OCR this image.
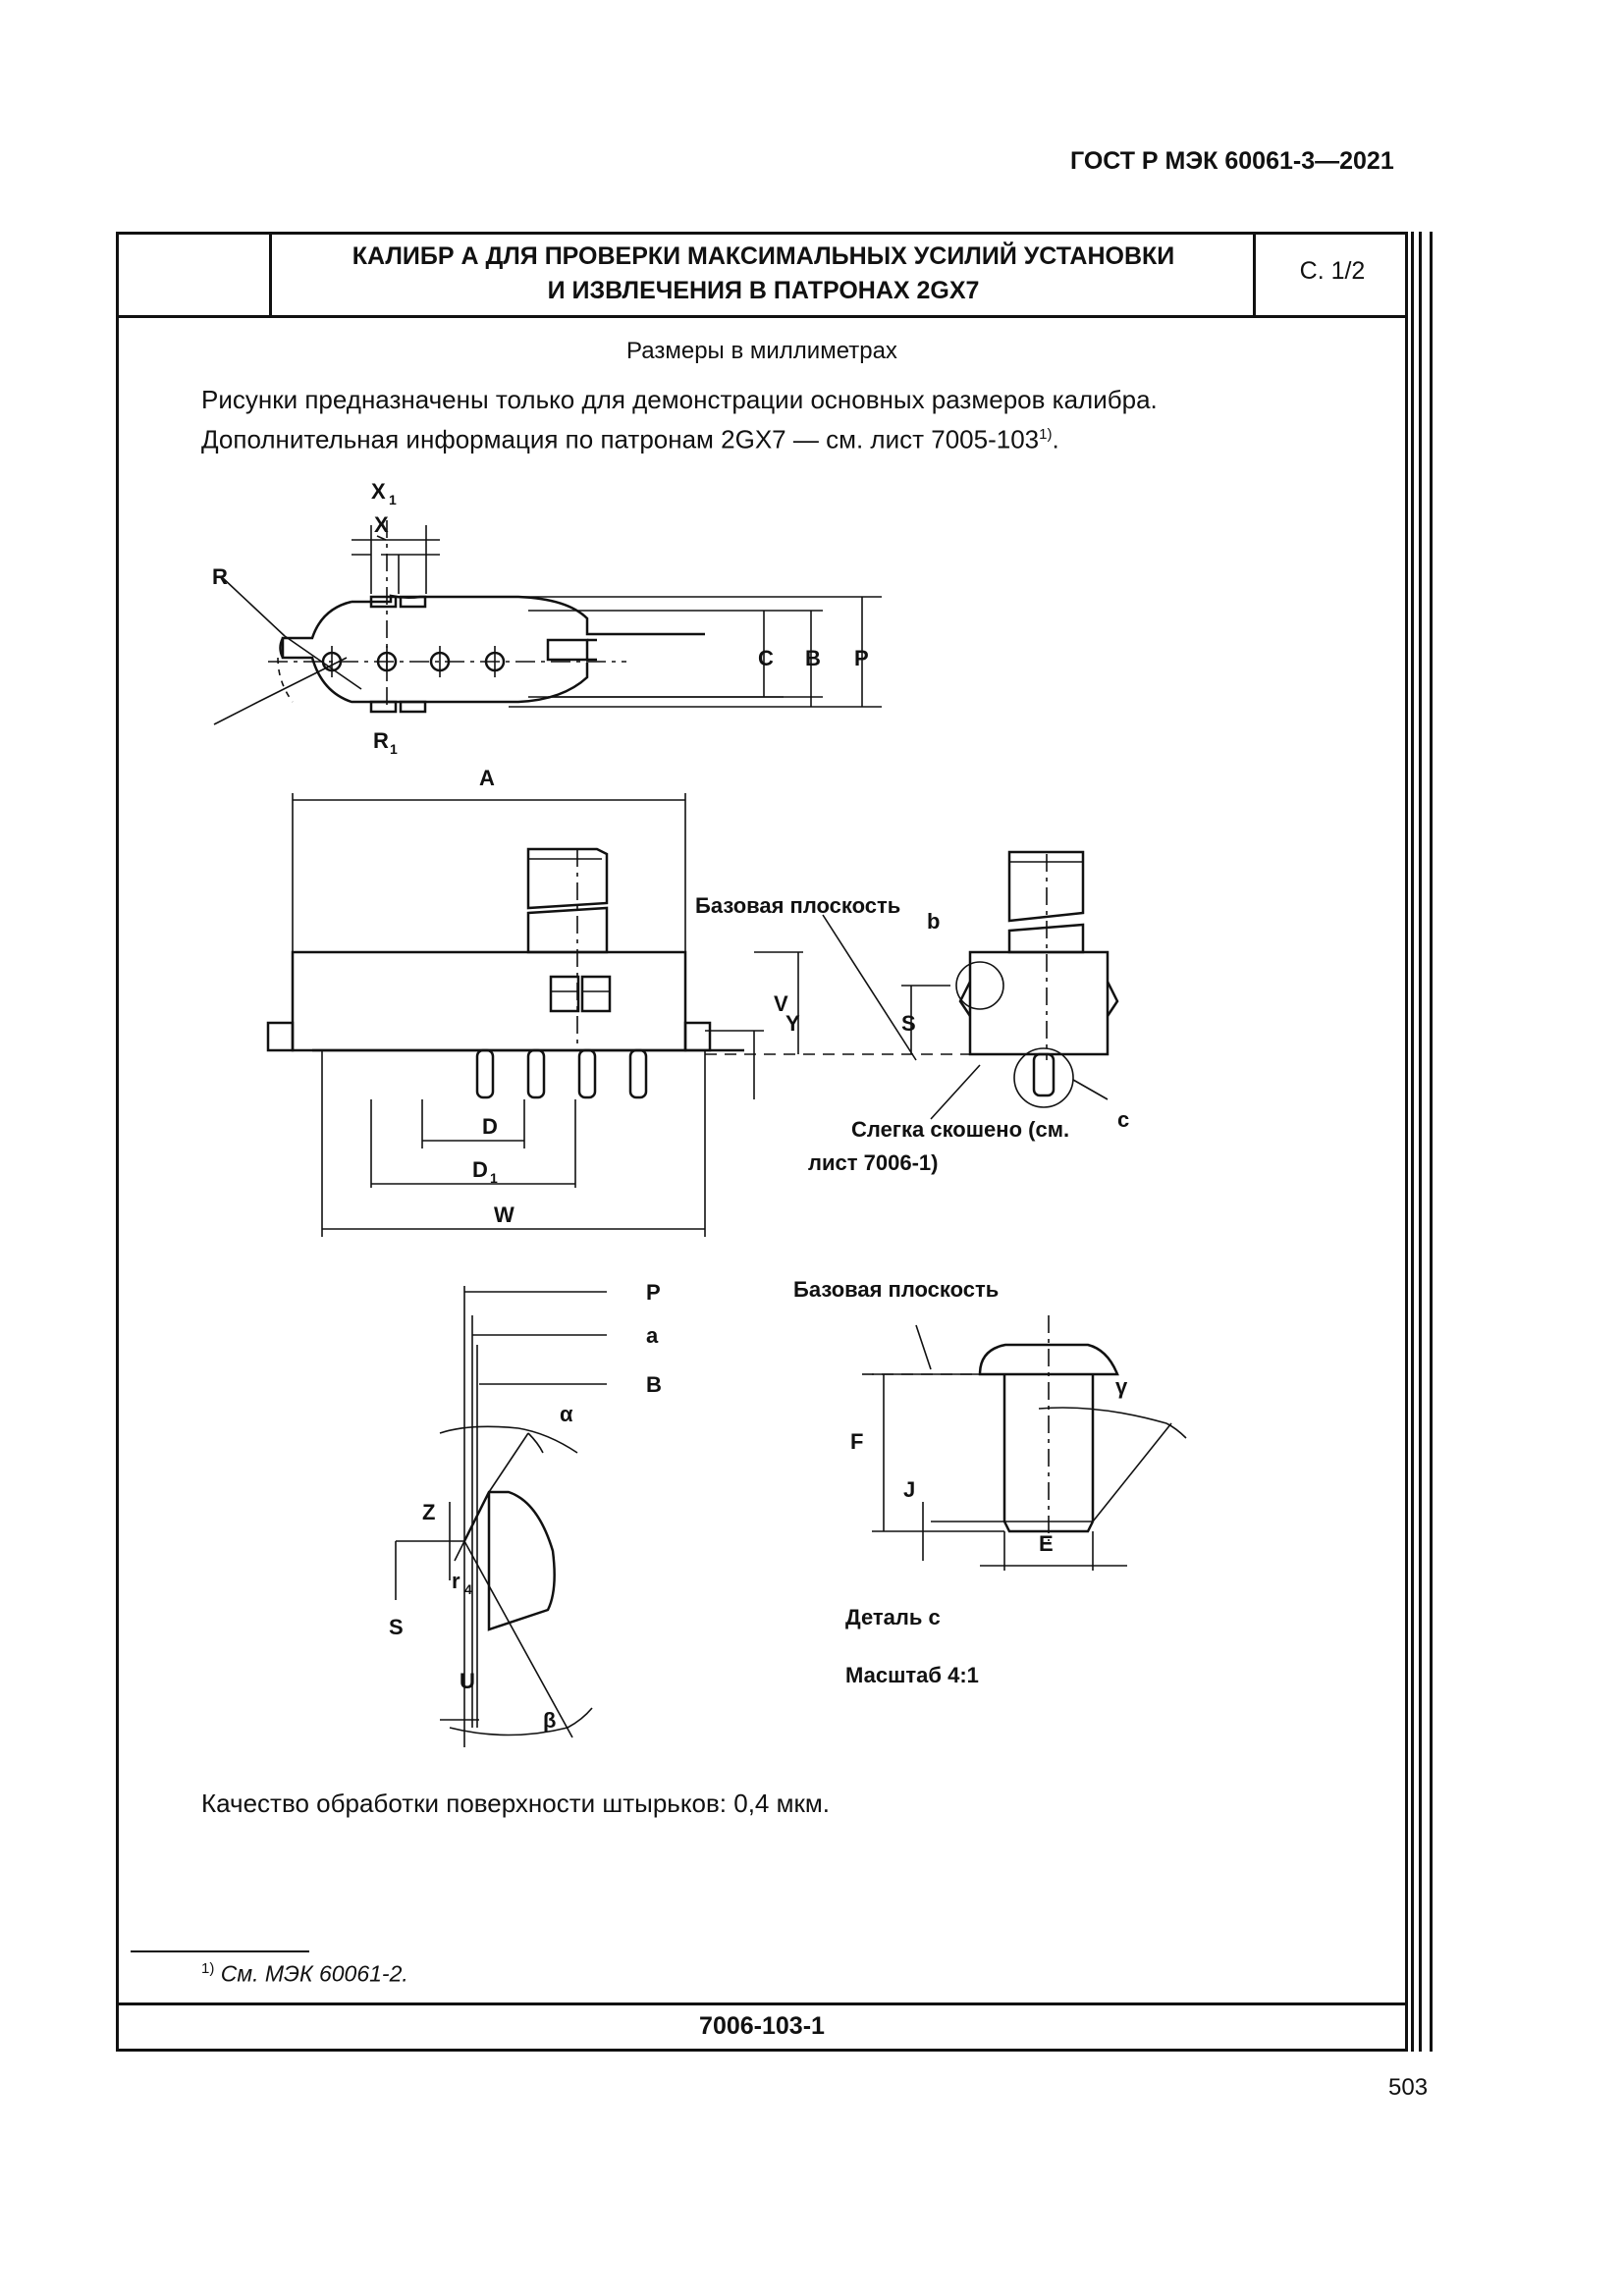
ГОСТ Р МЭК 60061-3—2021
КАЛИБР А ДЛЯ ПРОВЕРКИ МАКСИМАЛЬНЫХ УСИЛИЙ УСТАНОВКИ
И ИЗВЛЕЧЕНИЯ В ПАТРОНАХ 2GX7
С. 1/2
Размеры в миллиметрах
Рисунки предназначены только для демонстрации основных размеров калибра.
Дополнительная информация по патронам 2GX7 — см. лист 7005-103$^{1)}$.
X 1
X
R
R 1
C B P
A
V
Y	S
D
D 1
W
b
c
P
a
B
α
Z
r 4
S
U
β
F
J
E
γ
Базовая плоскость
Слегка скошено (см.
лист 7006-1)
Базовая плоскость
Деталь c
Масштаб 4:1
Качество обработки поверхности штырьков: 0,4 мкм.
$^{1)}$ См. МЭК 60061-2.
7006-103-1
503
